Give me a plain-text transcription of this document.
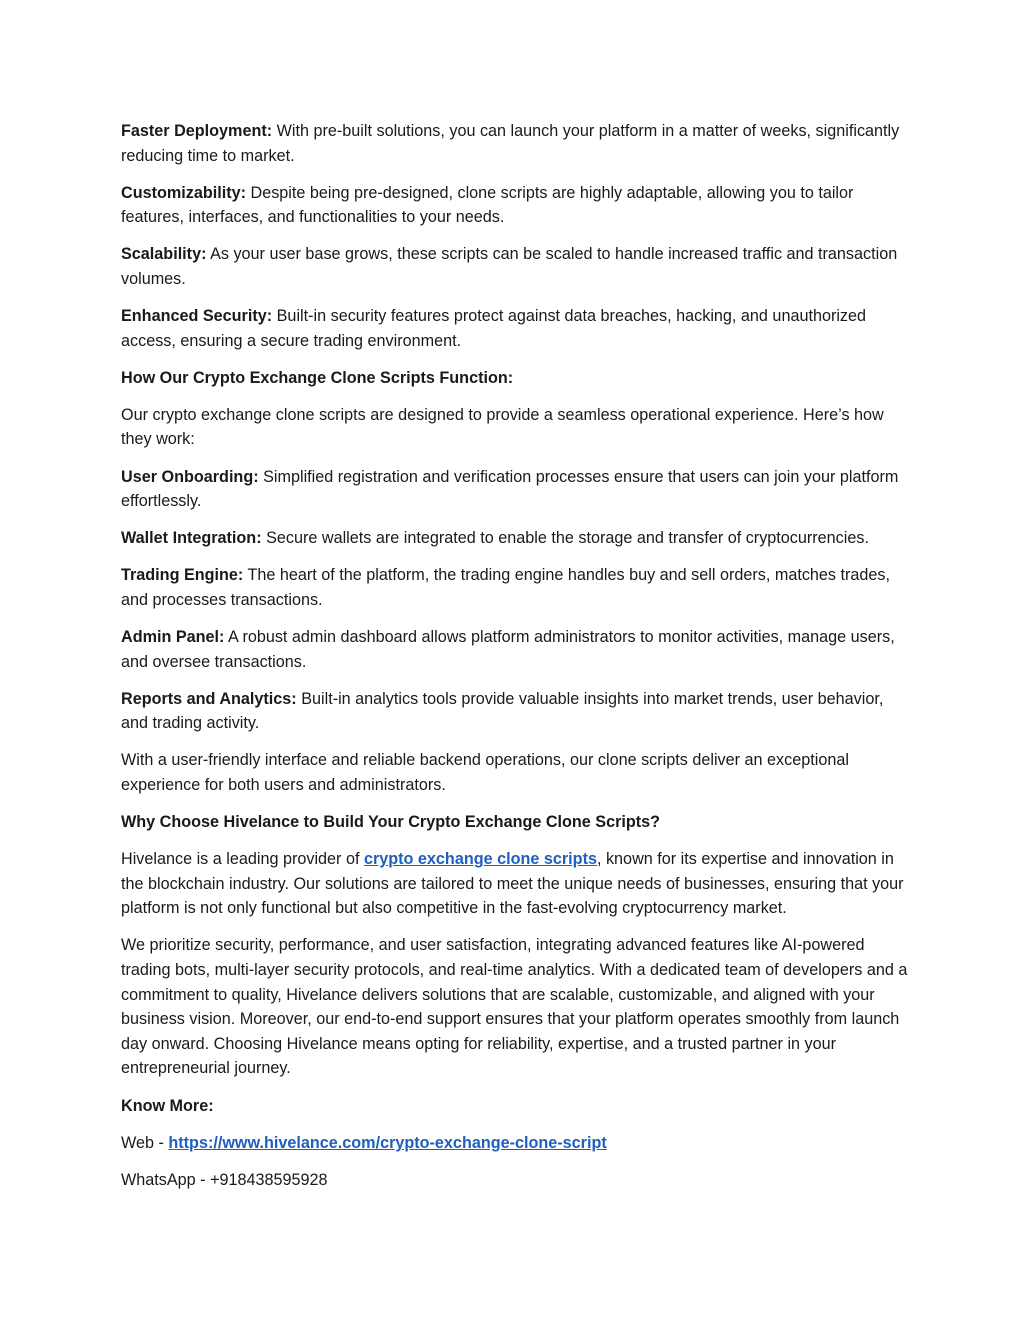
Faster Deployment: With pre-built solutions, you can launch your platform in a matter of weeks, significantly reducing time to market.

Customizability: Despite being pre-designed, clone scripts are highly adaptable, allowing you to tailor features, interfaces, and functionalities to your needs.

Scalability: As your user base grows, these scripts can be scaled to handle increased traffic and transaction volumes.

Enhanced Security: Built-in security features protect against data breaches, hacking, and unauthorized access, ensuring a secure trading environment.

How Our Crypto Exchange Clone Scripts Function:

Our crypto exchange clone scripts are designed to provide a seamless operational experience. Here’s how they work:

User Onboarding: Simplified registration and verification processes ensure that users can join your platform effortlessly.

Wallet Integration: Secure wallets are integrated to enable the storage and transfer of cryptocurrencies.

Trading Engine: The heart of the platform, the trading engine handles buy and sell orders, matches trades, and processes transactions.

Admin Panel: A robust admin dashboard allows platform administrators to monitor activities, manage users, and oversee transactions.

Reports and Analytics: Built-in analytics tools provide valuable insights into market trends, user behavior, and trading activity.

With a user-friendly interface and reliable backend operations, our clone scripts deliver an exceptional experience for both users and administrators.

Why Choose Hivelance to Build Your Crypto Exchange Clone Scripts?

Hivelance is a leading provider of crypto exchange clone scripts, known for its expertise and innovation in the blockchain industry. Our solutions are tailored to meet the unique needs of businesses, ensuring that your platform is not only functional but also competitive in the fast-evolving cryptocurrency market.

We prioritize security, performance, and user satisfaction, integrating advanced features like AI-powered trading bots, multi-layer security protocols, and real-time analytics. With a dedicated team of developers and a commitment to quality, Hivelance delivers solutions that are scalable, customizable, and aligned with your business vision. Moreover, our end-to-end support ensures that your platform operates smoothly from launch day onward. Choosing Hivelance means opting for reliability, expertise, and a trusted partner in your entrepreneurial journey.

Know More:

Web - https://www.hivelance.com/crypto-exchange-clone-script

WhatsApp - +918438595928
